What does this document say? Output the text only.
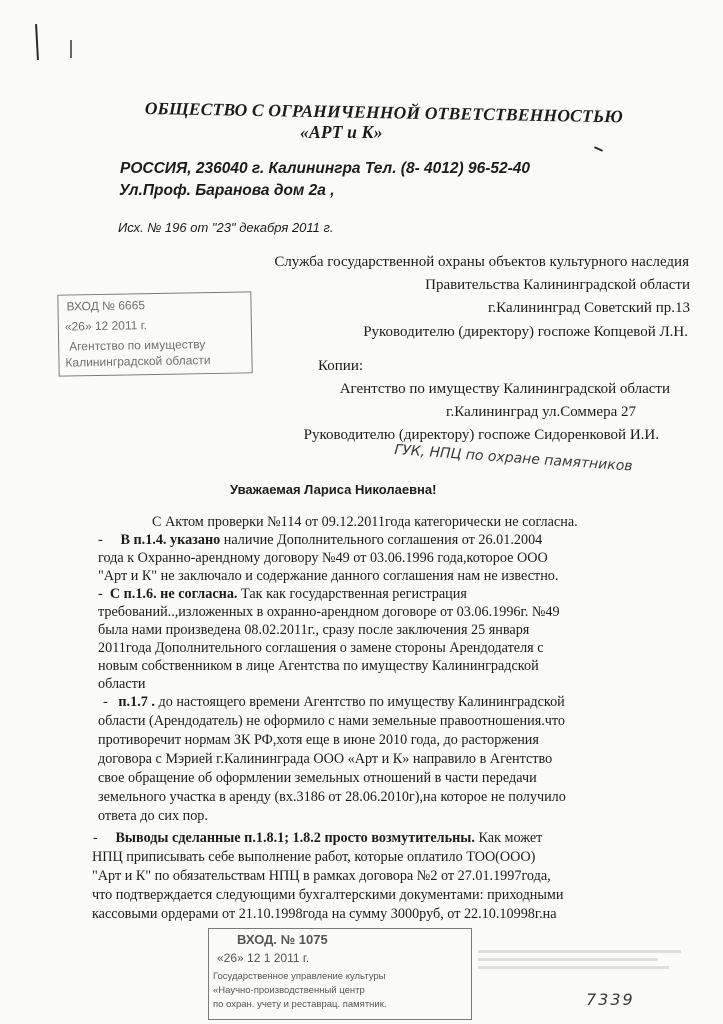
ОБЩЕСТВО С ОГРАНИЧЕННОЙ ОТВЕТСТВЕННОСТЬЮ
«АРТ и К»
РОССИЯ, 236040 г. Калинингра Тел. (8- 4012) 96-52-40
Ул.Проф. Баранова дом 2а ,
Исх. № 196 от "23" декабря 2011 г.
Служба государственной охраны объектов культурного наследия
Правительства Калининградской области
г.Калининград Советский пр.13
Руководителю (директору) госпоже Копцевой Л.Н.
ВХОД № 6665
«26» 12 2011 г.
Агентство по имуществу
Калининградской области	Копии:
Агентство по имуществу Калининградской области
г.Калининград ул.Соммера 27
Руководителю (директору) госпоже Сидоренковой И.И.
ГУК, НПЦ по охране памятников
Уважаемая Лариса Николаевна!
С Актом проверки №114 от 09.12.2011года категорически не согласна.
- В п.1.4. указано наличие Дополнительного соглашения от 26.01.2004
года к Охранно-арендному договору №49 от 03.06.1996 года,которое ООО
"Арт и К" не заключало и содержание данного соглашения нам не известно.
- С п.1.6. не согласна. Так как государственная регистрация
требований..,изложенных в охранно-арендном договоре от 03.06.1996г. №49
была нами произведена 08.02.2011г., сразу после заключения 25 января
2011года Дополнительного соглашения о замене стороны Арендодателя с
новым собственником в лице Агентства по имуществу Калининградской
области
- п.1.7 . до настоящего времени Агентство по имуществу Калининградской
области (Арендодатель) не оформило с нами земельные правоотношения.что
противоречит нормам ЗК РФ,хотя еще в июне 2010 года, до расторжения
договора с Мэрией г.Калининграда ООО «Арт и К» направило в Агентство
свое обращение об оформлении земельных отношений в части передачи
земельного участка в аренду (вх.3186 от 28.06.2010г),на которое не получило
ответа до сих пор.
- Выводы сделанные п.1.8.1; 1.8.2 просто возмутительны. Как может
НПЦ приписывать себе выполнение работ, которые оплатило ТОО(ООО)
"Арт и К" по обязательствам НПЦ в рамках договора №2 от 27.01.1997года,
что подтверждается следующими бухгалтерскими документами: приходными
кассовыми ордерами от 21.10.1998года на сумму 3000руб, от 22.10.10998г.на
ВХОД. № 1075
«26» 12 1 2011 г.
Государственное управление культуры
«Научно-производственный центр
по охран. учету и реставрац. памятник.	7339
